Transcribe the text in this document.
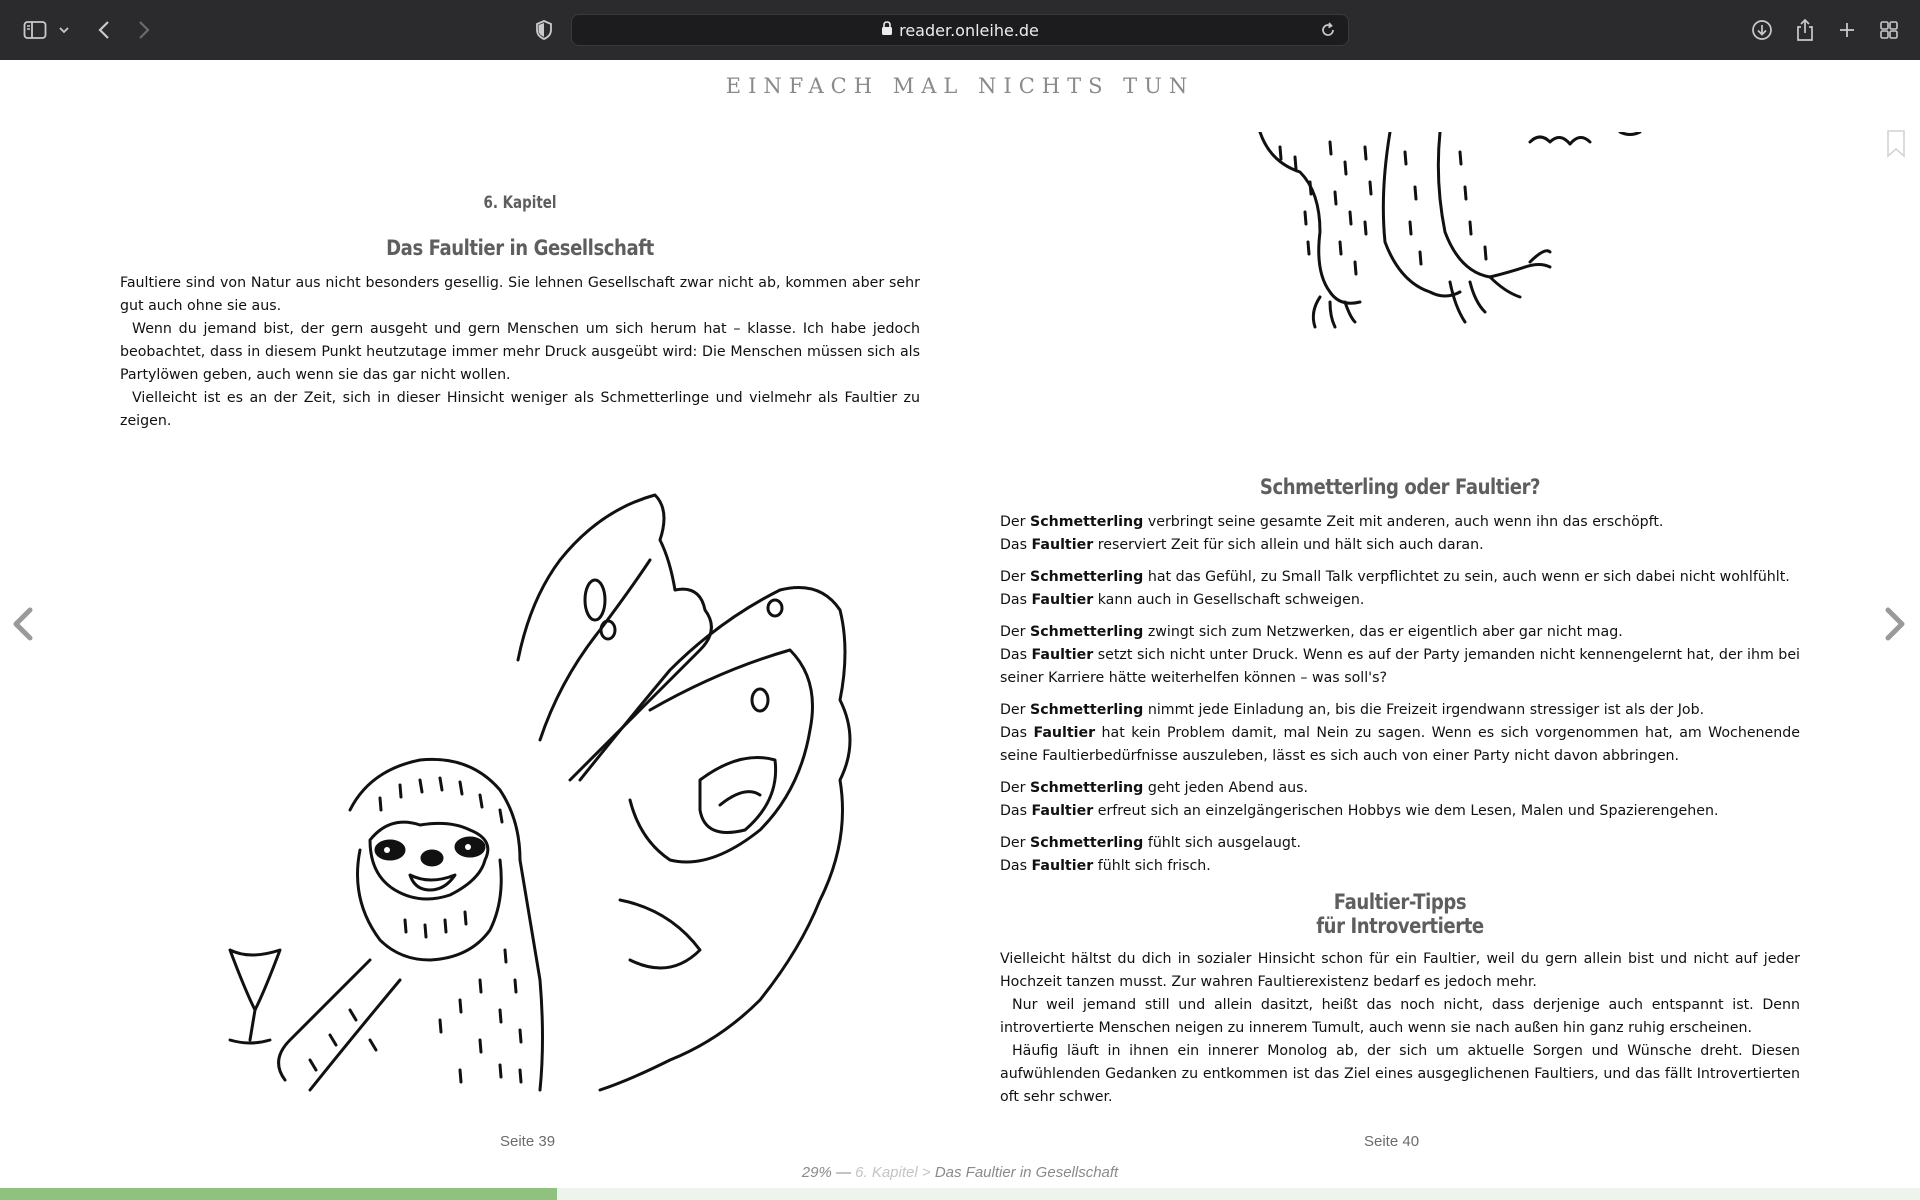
reader.onleihe.de
EINFACH MAL NICHTS TUN
6. Kapitel
Das Faultier in Gesellschaft

Faultiere sind von Natur aus nicht besonders gesellig. Sie lehnen Gesellschaft zwar nicht ab, kommen aber sehr gut auch ohne sie aus.

Wenn du jemand bist, der gern ausgeht und gern Menschen um sich herum hat – klasse. Ich habe jedoch beobachtet, dass in diesem Punkt heutzutage immer mehr Druck ausgeübt wird: Die Menschen müssen sich als Partylöwen geben, auch wenn sie das gar nicht wollen.

Vielleicht ist es an der Zeit, sich in dieser Hinsicht weniger als Schmetterlinge und vielmehr als Faultier zu zeigen.

Seite 39
Schmetterling oder Faultier?
Der Schmetterling verbringt seine gesamte Zeit mit anderen, auch wenn ihn das erschöpft.
Das Faultier reserviert Zeit für sich allein und hält sich auch daran.
Der Schmetterling hat das Gefühl, zu Small Talk verpflichtet zu sein, auch wenn er sich dabei nicht wohlfühlt.
Das Faultier kann auch in Gesellschaft schweigen.
Der Schmetterling zwingt sich zum Netzwerken, das er eigentlich aber gar nicht mag.
Das Faultier setzt sich nicht unter Druck. Wenn es auf der Party jemanden nicht kennengelernt hat, der ihm bei seiner Karriere hätte weiterhelfen können – was soll's?
Der Schmetterling nimmt jede Einladung an, bis die Freizeit irgendwann stressiger ist als der Job.
Das Faultier hat kein Problem damit, mal Nein zu sagen. Wenn es sich vorgenommen hat, am Wochenende seine Faultierbedürfnisse auszuleben, lässt es sich auch von einer Party nicht davon abbringen.
Der Schmetterling geht jeden Abend aus.
Das Faultier erfreut sich an einzelgängerischen Hobbys wie dem Lesen, Malen und Spazierengehen.
Der Schmetterling fühlt sich ausgelaugt.
Das Faultier fühlt sich frisch.
Faultier-Tipps
für Introvertierte

Vielleicht hältst du dich in sozialer Hinsicht schon für ein Faultier, weil du gern allein bist und nicht auf jeder Hochzeit tanzen musst. Zur wahren Faultierexistenz bedarf es jedoch mehr.

Nur weil jemand still und allein dasitzt, heißt das noch nicht, dass derjenige auch entspannt ist. Denn introvertierte Menschen neigen zu innerem Tumult, auch wenn sie nach außen hin ganz ruhig erscheinen.

Häufig läuft in ihnen ein innerer Monolog ab, der sich um aktuelle Sorgen und Wünsche dreht. Diesen aufwühlenden Gedanken zu entkommen ist das Ziel eines ausgeglichenen Faultiers, und das fällt Introvertierten oft sehr schwer.

Seite 40
29% — 6. Kapitel > Das Faultier in Gesellschaft
